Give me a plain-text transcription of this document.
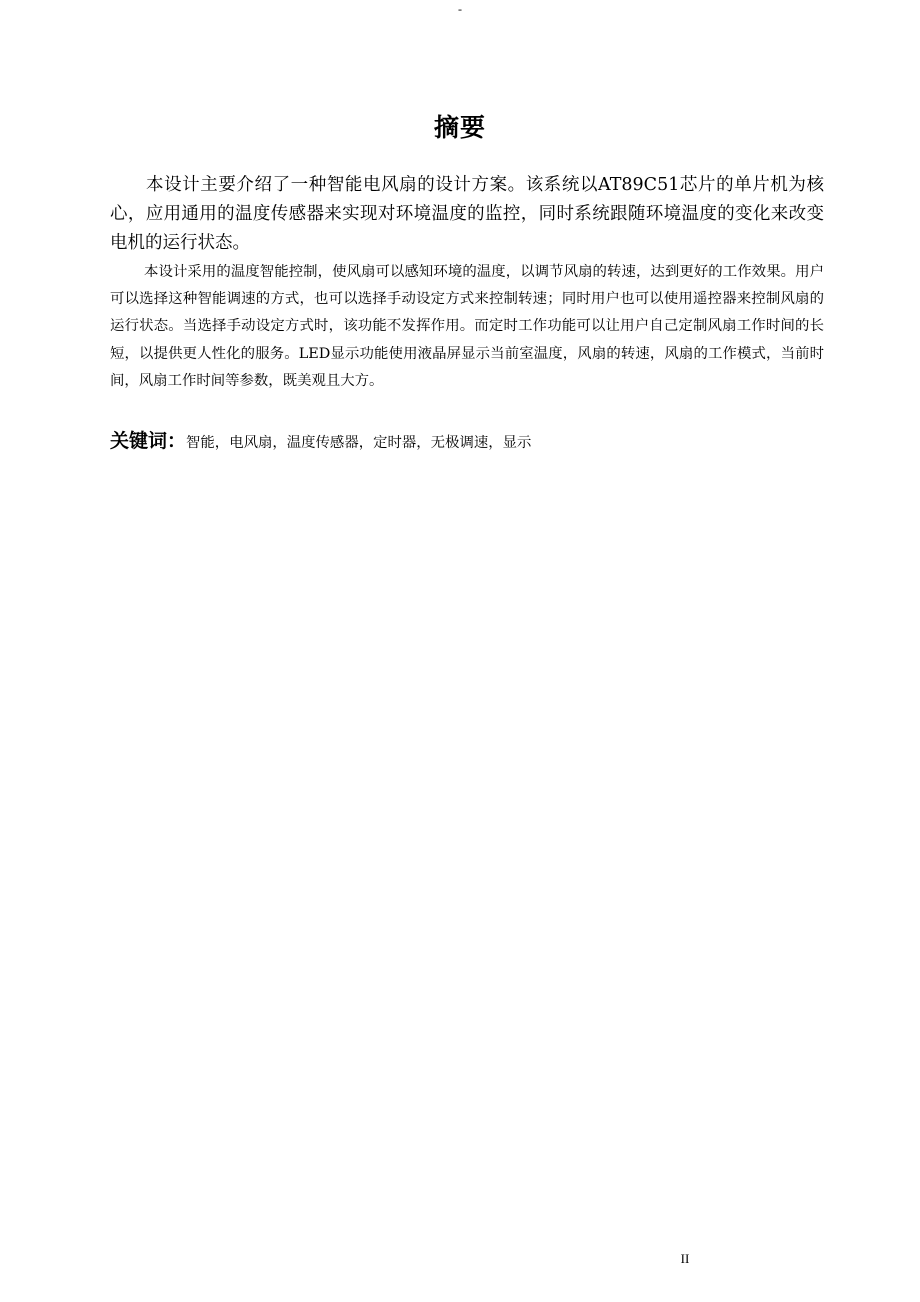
-
摘要

本设计主要介绍了一种智能电风扇的设计方案。该系统以AT89C51芯片的单片机为核心，应用通用的温度传感器来实现对环境温度的监控，同时系统跟随环境温度的变化来改变电机的运行状态。

本设计采用的温度智能控制，使风扇可以感知环境的温度，以调节风扇的转速，达到更好的工作效果。用户可以选择这种智能调速的方式，也可以选择手动设定方式来控制转速；同时用户也可以使用遥控器来控制风扇的运行状态。当选择手动设定方式时，该功能不发挥作用。而定时工作功能可以让用户自己定制风扇工作时间的长短，以提供更人性化的服务。LED显示功能使用液晶屏显示当前室温度，风扇的转速，风扇的工作模式，当前时间，风扇工作时间等参数，既美观且大方。

关键词：智能，电风扇，温度传感器，定时器，无极调速，显示

II
